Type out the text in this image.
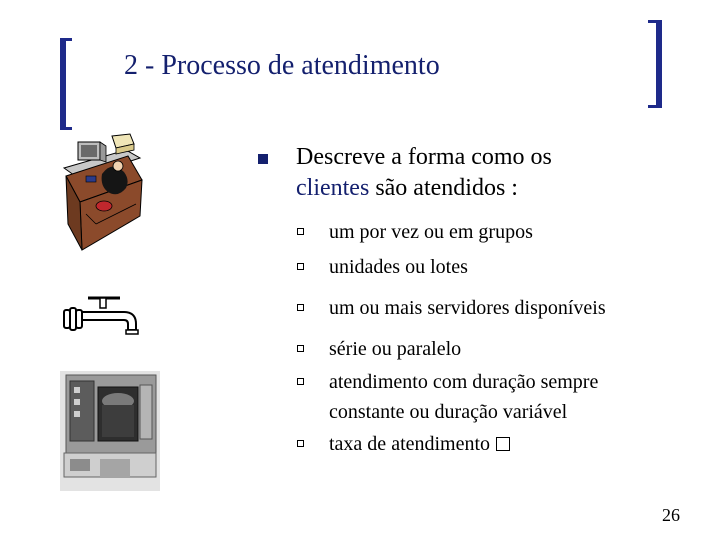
2 - Processo de atendimento
Descreve a forma como os
clientes são atendidos :
um por vez ou em grupos
unidades ou lotes
um ou mais servidores disponíveis
série ou paralelo
atendimento com duração sempre
constante ou duração variável
taxa de atendimento
26
